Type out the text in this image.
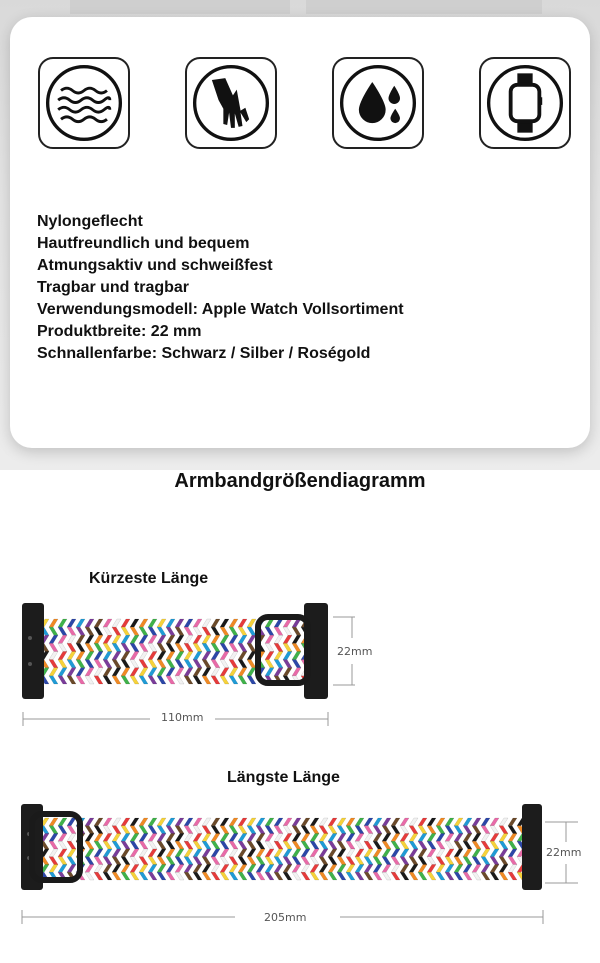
Nylongeflecht
Hautfreundlich und bequem
Atmungsaktiv und schweißfest
Tragbar und tragbar
Verwendungsmodell: Apple Watch Vollsortiment
Produktbreite: 22 mm
Schnallenfarbe: Schwarz / Silber / Roségold
Armbandgrößendiagramm
Kürzeste Länge
22mm
110mm
Längste Länge
22mm
205mm
